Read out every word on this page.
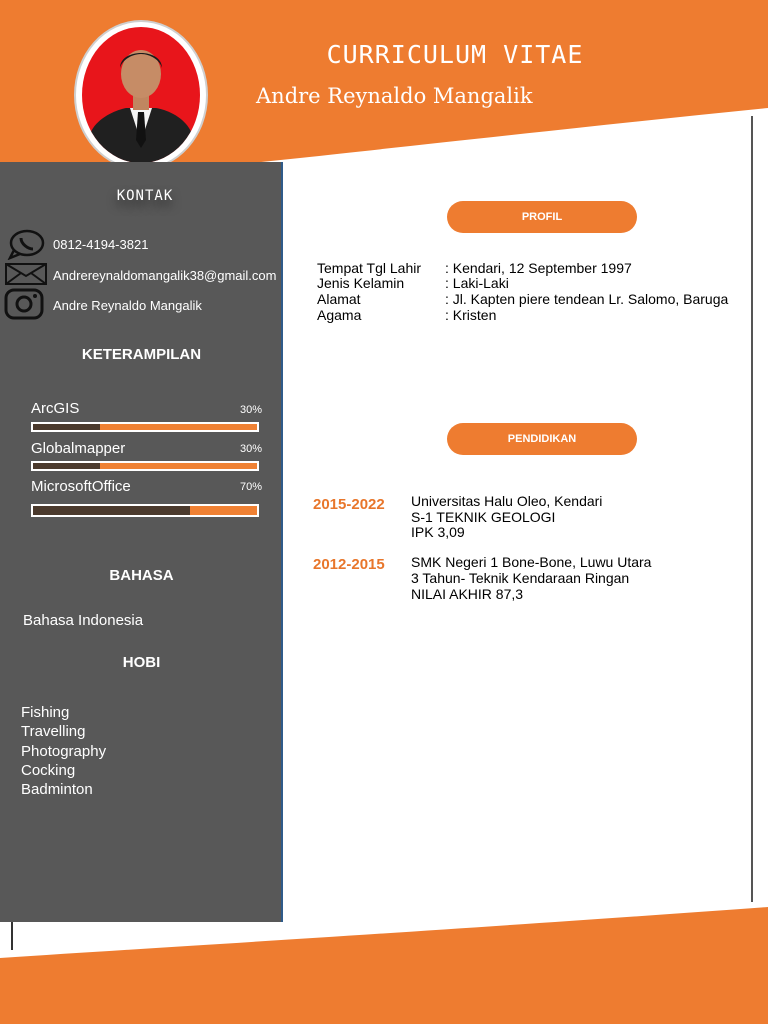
CURRICULUM VITAE
Andre Reynaldo Mangalik
KONTAK
0812-4194-3821
Andrereynaldomangalik38@gmail.com
Andre Reynaldo Mangalik
KETERAMPILAN
ArcGIS	30%
Globalmapper	30%
MicrosoftOffice	70%
BAHASA
Bahasa Indonesia
HOBI
Fishing
Travelling
Photography
Cocking
Badminton
PROFIL
Tempat Tgl Lahir	: Kendari, 12 September 1997
Jenis Kelamin	: Laki-Laki
Alamat	: Jl. Kapten piere tendean Lr. Salomo, Baruga
Agama	: Kristen
PENDIDIKAN
2015-2022 Universitas Halu Oleo, Kendari
S-1 TEKNIK GEOLOGI
IPK 3,09
2012-2015 SMK Negeri 1 Bone-Bone, Luwu Utara
3 Tahun- Teknik Kendaraan Ringan
NILAI AKHIR 87,3
